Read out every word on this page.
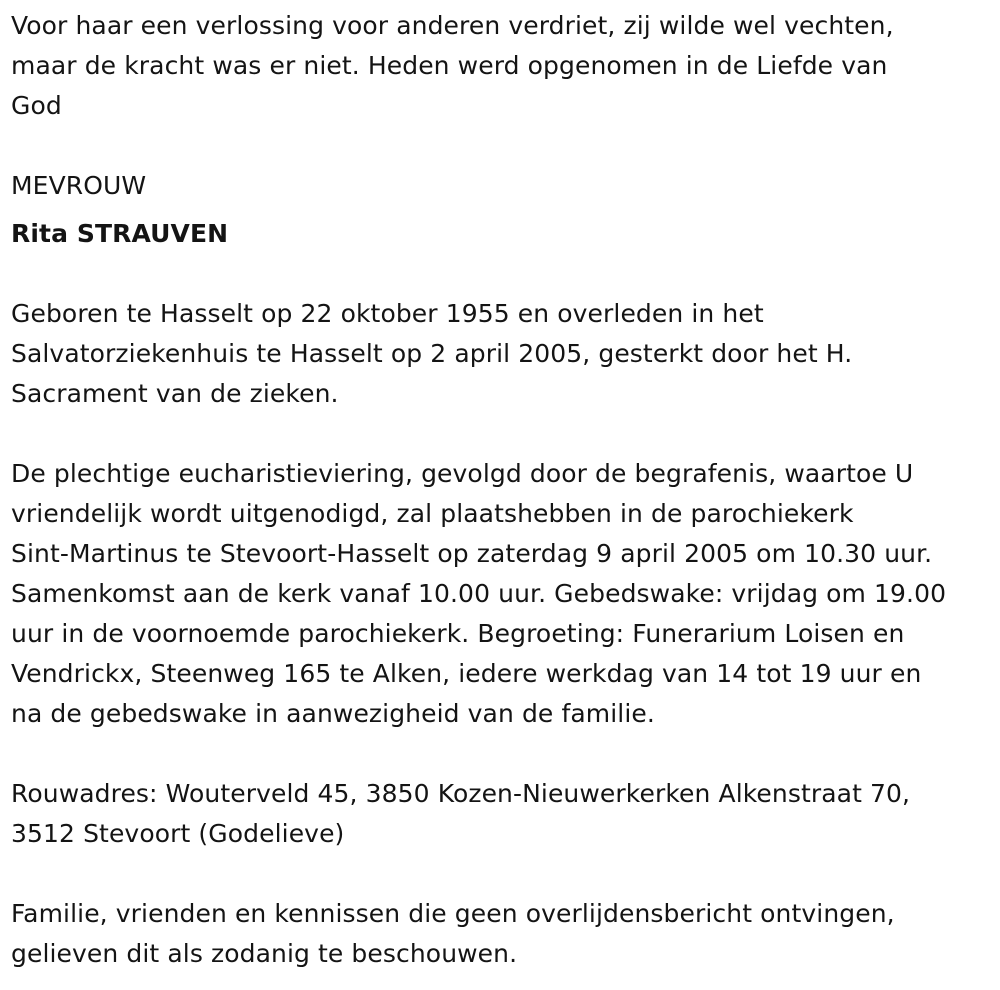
Voor haar een verlossing voor anderen verdriet, zij wilde wel vechten,
maar de kracht was er niet. Heden werd opgenomen in de Liefde van
God

MEVROUW

Rita STRAUVEN

Geboren te Hasselt op 22 oktober 1955 en overleden in het
Salvatorziekenhuis te Hasselt op 2 april 2005, gesterkt door het H.
Sacrament van de zieken.

De plechtige eucharistieviering, gevolgd door de begrafenis, waartoe U
vriendelijk wordt uitgenodigd, zal plaatshebben in de parochiekerk
Sint-Martinus te Stevoort-Hasselt op zaterdag 9 april 2005 om 10.30 uur.
Samenkomst aan de kerk vanaf 10.00 uur. Gebedswake: vrijdag om 19.00
uur in de voornoemde parochiekerk. Begroeting: Funerarium Loisen en
Vendrickx, Steenweg 165 te Alken, iedere werkdag van 14 tot 19 uur en
na de gebedswake in aanwezigheid van de familie.

Rouwadres: Wouterveld 45, 3850 Kozen-Nieuwerkerken Alkenstraat 70,
3512 Stevoort (Godelieve)

Familie, vrienden en kennissen die geen overlijdensbericht ontvingen,
gelieven dit als zodanig te beschouwen.
